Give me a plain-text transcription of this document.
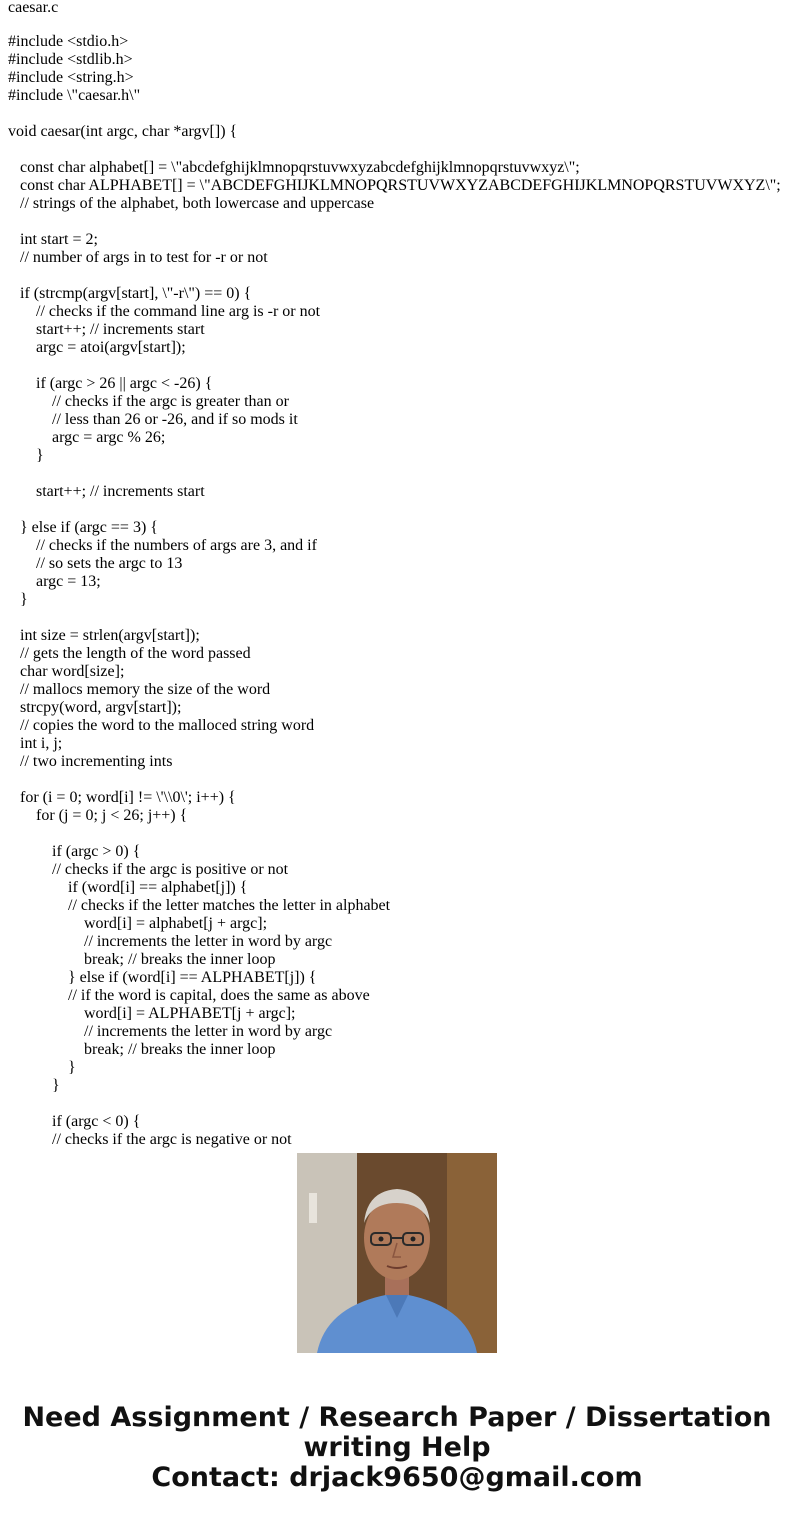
caesar.c
#include <stdio.h>
#include <stdlib.h>
#include <string.h>
#include \"caesar.h\"
void caesar(int argc, char *argv[]) {
const char alphabet[] = \"abcdefghijklmnopqrstuvwxyzabcdefghijklmnopqrstuvwxyz\";
const char ALPHABET[] = \"ABCDEFGHIJKLMNOPQRSTUVWXYZABCDEFGHIJKLMNOPQRSTUVWXYZ\";
// strings of the alphabet, both lowercase and uppercase
int start = 2;
// number of args in to test for -r or not
if (strcmp(argv[start], \"-r\") == 0) {
// checks if the command line arg is -r or not
start++; // increments start
argc = atoi(argv[start]);
if (argc > 26 || argc < -26) {
// checks if the argc is greater than or
// less than 26 or -26, and if so mods it
argc = argc % 26;
}
start++; // increments start
} else if (argc == 3) {
// checks if the numbers of args are 3, and if
// so sets the argc to 13
argc = 13;
}
int size = strlen(argv[start]);
// gets the length of the word passed
char word[size];
// mallocs memory the size of the word
strcpy(word, argv[start]);
// copies the word to the malloced string word
int i, j;
// two incrementing ints
for (i = 0; word[i] != \'\\0\'; i++) {
for (j = 0; j < 26; j++) {
if (argc > 0) {
// checks if the argc is positive or not
if (word[i] == alphabet[j]) {
// checks if the letter matches the letter in alphabet
word[i] = alphabet[j + argc];
// increments the letter in word by argc
break; // breaks the inner loop
} else if (word[i] == ALPHABET[j]) {
// if the word is capital, does the same as above
word[i] = ALPHABET[j + argc];
// increments the letter in word by argc
break; // breaks the inner loop
}
}
if (argc < 0) {
// checks if the argc is negative or not
Need Assignment / Research Paper / Dissertation
writing Help
Contact: drjack9650@gmail.com
